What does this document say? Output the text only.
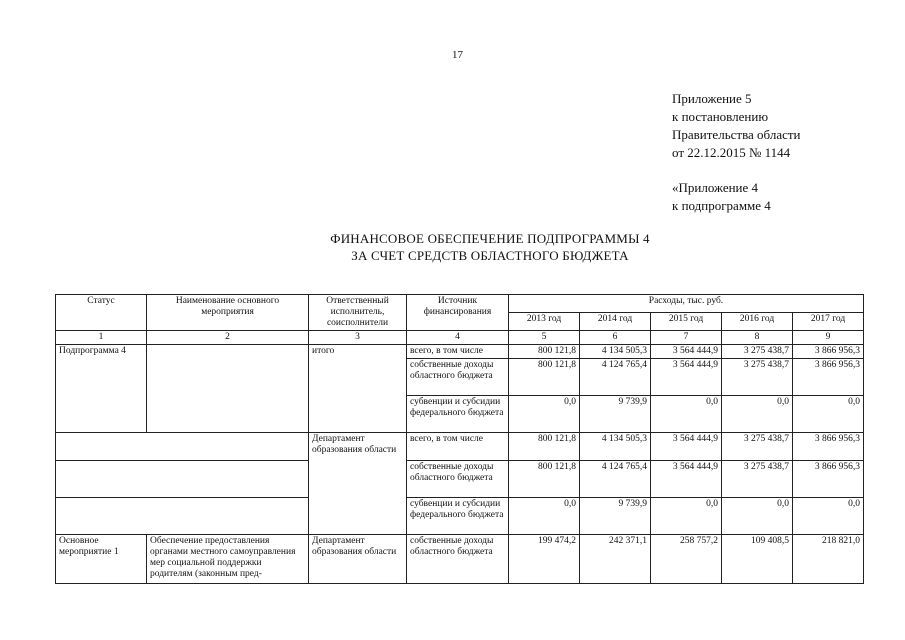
17
Приложение 5
к постановлению
Правительства области
от 22.12.2015 № 1144
«Приложение 4
к подпрограмме 4
ФИНАНСОВОЕ ОБЕСПЕЧЕНИЕ ПОДПРОГРАММЫ 4
ЗА СЧЕТ СРЕДСТВ ОБЛАСТНОГО БЮДЖЕТА
Статус	Наименование основного мероприятия	Ответственный исполнитель, соисполнители	Источник финансирования	Расходы, тыс. руб.				
				2013 год	2014 год	2015 год	2016 год	2017 год
1	2	3	4	5	6	7	8	9
Подпрограмма 4		итого	всего, в том числе	800 121,8	4 134 505,3	3 564 444,9	3 275 438,7	3 866 956,3
			собственные доходы областного бюджета	800 121,8	4 124 765,4	3 564 444,9	3 275 438,7	3 866 956,3
			субвенции и субсидии федерального бюджета	0,0	9 739,9	0,0	0,0	0,0
		Департамент образования области	всего, в том числе	800 121,8	4 134 505,3	3 564 444,9	3 275 438,7	3 866 956,3
			собственные доходы областного бюджета	800 121,8	4 124 765,4	3 564 444,9	3 275 438,7	3 866 956,3
			субвенции и субсидии федерального бюджета	0,0	9 739,9	0,0	0,0	0,0
Основное мероприятие 1	Обеспечение предоставления органами местного самоуправления мер социальной поддержки родителям (законным пред-	Департамент образования области	собственные доходы областного бюджета	199 474,2	242 371,1	258 757,2	109 408,5	218 821,0
